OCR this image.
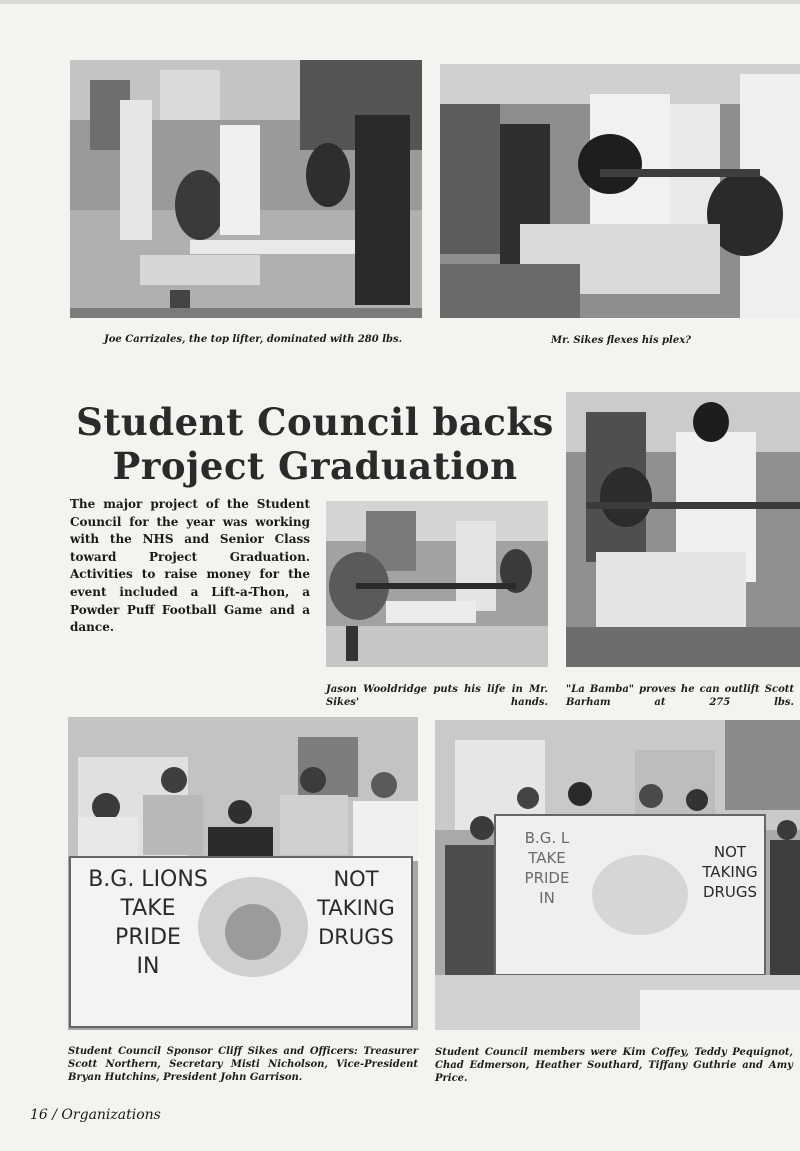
Joe Carrizales, the top lifter, dominated with 280 lbs.	Mr. Sikes flexes his plex?

Student Council backs
Project Graduation

The major project of the Student Council for the year was working with the NHS and Senior Class toward Project Graduation. Activities to raise money for the event included a Lift-a-Thon, a Powder Puff Football Game and a dance.

Jason Wooldridge puts his life in Mr. Sikes' hands.

"La Bamba" proves he can outlift Scott Barham at 275 lbs.

B.G. LIONS
TAKE
PRIDE
IN
NOT
TAKING
DRUGS

Student Council Sponsor Cliff Sikes and Officers: Treasurer Scott Northern, Secretary Misti Nicholson, Vice-President Bryan Hutchins, President John Garrison.

B.G. L
TAKE
PRIDE
IN
NOT
TAKING
DRUGS

Student Council members were Kim Coffey, Teddy Pequignot, Chad Edmerson, Heather Southard, Tiffany Guthrie and Amy Price.

16 / Organizations
